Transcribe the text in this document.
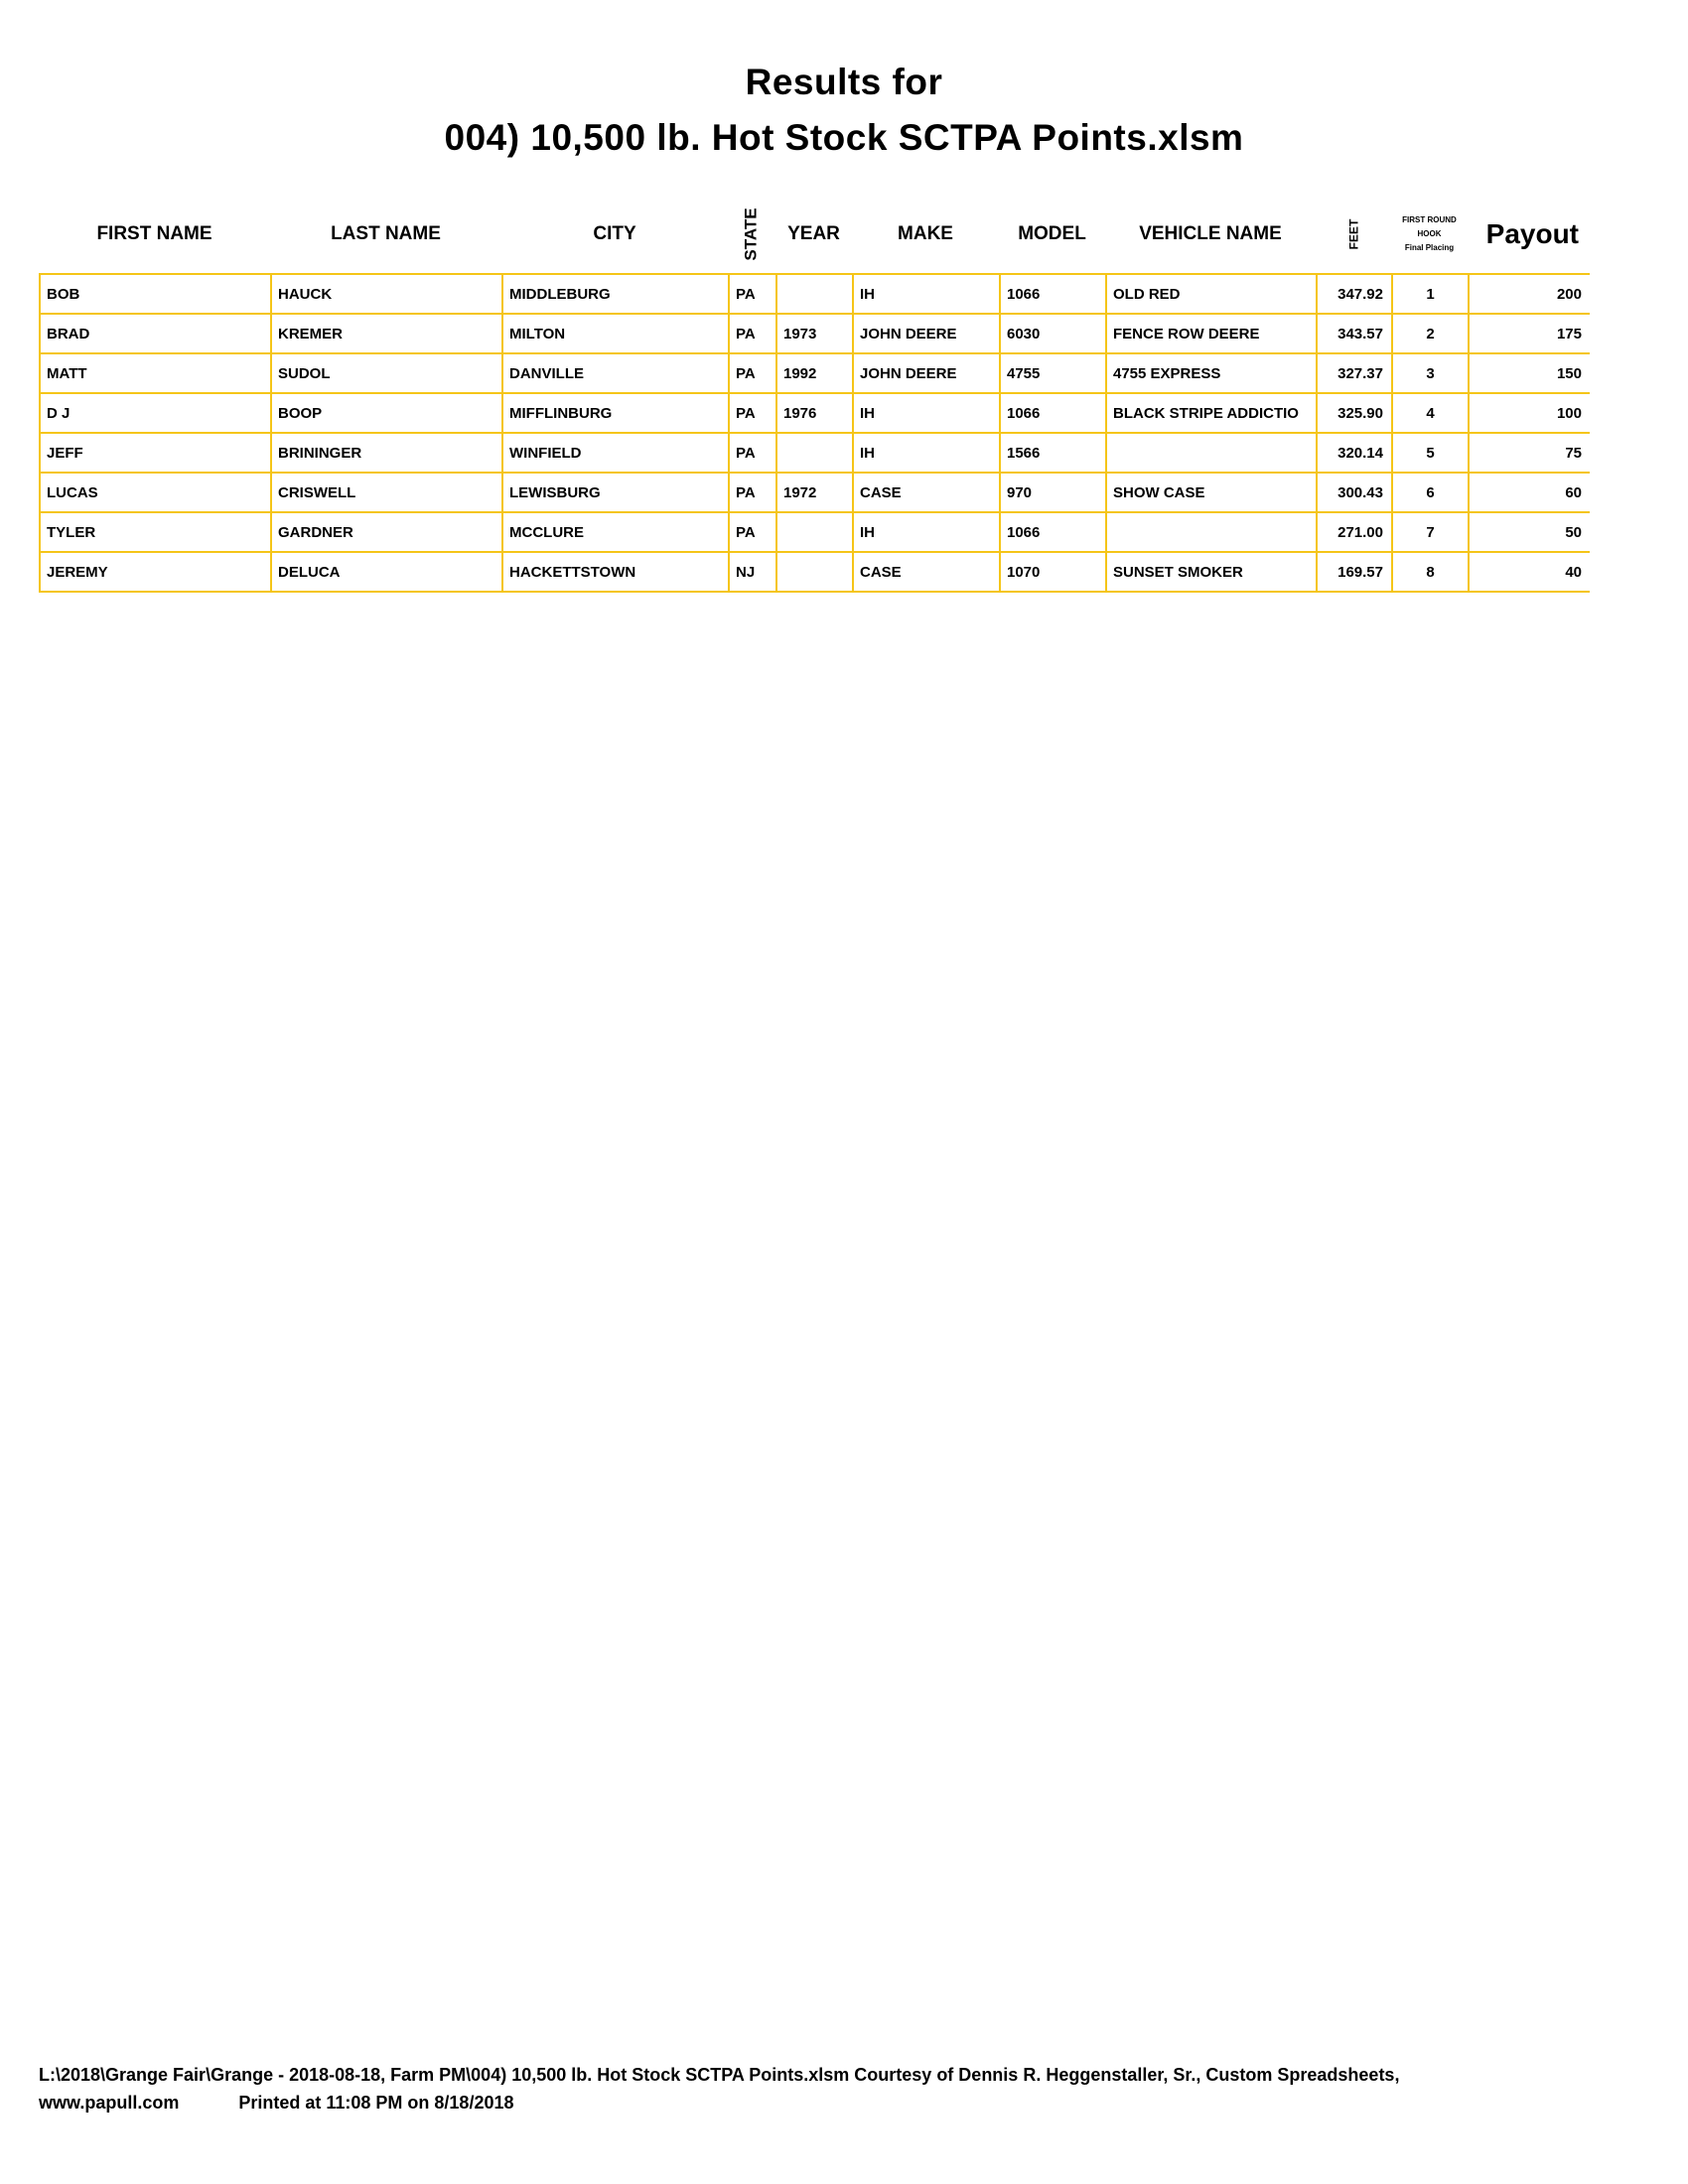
Results for
004) 10,500 lb. Hot Stock SCTPA Points.xlsm
FIRST NAME	LAST NAME	CITY	STATE	YEAR	MAKE	MODEL	VEHICLE NAME	FEET	FIRST ROUND
HOOK
Final Placing	Payout
BOB	HAUCK	MIDDLEBURG	PA		IH	1066	OLD RED	347.92	1	200
BRAD	KREMER	MILTON	PA	1973	JOHN DEERE	6030	FENCE ROW DEERE	343.57	2	175
MATT	SUDOL	DANVILLE	PA	1992	JOHN DEERE	4755	4755 EXPRESS	327.37	3	150
D J	BOOP	MIFFLINBURG	PA	1976	IH	1066	BLACK STRIPE ADDICTIO	325.90	4	100
JEFF	BRININGER	WINFIELD	PA		IH	1566		320.14	5	75
LUCAS	CRISWELL	LEWISBURG	PA	1972	CASE	970	SHOW CASE	300.43	6	60
TYLER	GARDNER	MCCLURE	PA		IH	1066		271.00	7	50
JEREMY	DELUCA	HACKETTSTOWN	NJ		CASE	1070	SUNSET SMOKER	169.57	8	40
L:\2018\Grange Fair\Grange - 2018-08-18, Farm PM\004) 10,500 lb. Hot Stock SCTPA Points.xlsm Courtesy of Dennis R. Heggenstaller, Sr., Custom Spreadsheets,
www.papull.com	Printed at 11:08 PM on 8/18/2018
